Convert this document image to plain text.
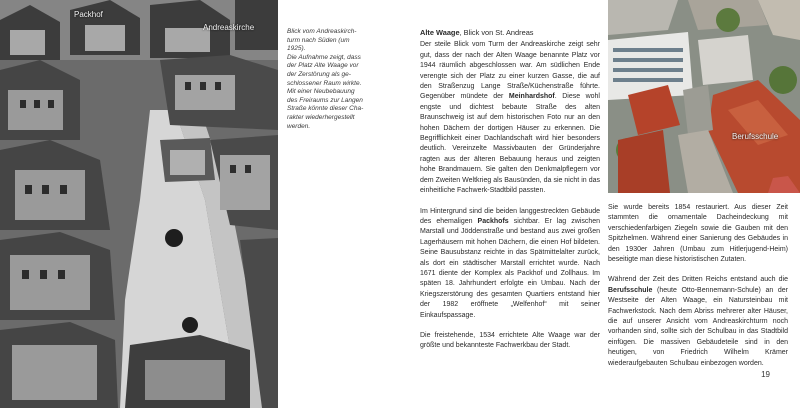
Packhof
Andreaskirche	Blick vom Andreaskirch-

turm nach Süden (um

1925).

Die Aufnahme zeigt, dass

der Platz Alte Waage vor

der Zerstörung als ge-

schlossener Raum wirkte.

Mit einer Neubebauung

des Freiraums zur Langen

Straße könnte dieser Cha-

rakter wiederhergestellt

werden.

Alte Waage, Blick von St. Andreas

Der steile Blick vom Turm der Andreaskirche zeigt sehr gut, dass der nach der Alten Waage benannte Platz vor 1944 räumlich abgeschlossen war. Am südlichen Ende verengte sich der Platz zu einer kurzen Gasse, die auf den Straßenzug Lange Straße/Küchenstraße führte. Gegenüber mündete der Meinhardshof. Diese wohl engste und dichtest bebaute Straße des alten Braunschweig ist auf dem historischen Foto nur an den hohen Dächern der dortigen Häuser zu erkennen. Die Begrifflichkeit einer Dachlandschaft wird hier besonders deutlich. Vereinzelte Massivbauten der Gründerjahre ragten aus der älteren Bebauung heraus und zeigten hohe Brandmauern. Sie galten den Denkmalpflegern vor dem Zweiten Weltkrieg als Bausünden, da sie nicht in das einheitliche Fachwerk-Stadtbild passten.

Im Hintergrund sind die beiden langgestreckten Gebäude des ehemaligen Packhofs sichtbar. Er lag zwischen Marstall und Jöddenstraße und bestand aus zwei großen Lagerhäusern mit hohen Dächern, die einen Hof bildeten. Seine Bausubstanz reichte in das Spätmittelalter zurück, als dort ein städtischer Marstall errichtet wurde. Nach 1671 diente der Komplex als Packhof und Zollhaus. Im späten 18. Jahrhundert erfolgte ein Umbau. Nach der Kriegszerstörung des gesamten Quartiers entstand hier der 1982 eröffnete „Welfenhof“ mit seiner Einkaufspassage.

Die freistehende, 1534 errichtete Alte Waage war der größte und bekannteste Fachwerkbau der Stadt.

Berufsschule

Sie wurde bereits 1854 restauriert. Aus dieser Zeit stammten die ornamentale Dacheindeckung mit verschiedenfarbigen Ziegeln sowie die Gauben mit den Spitzhelmen. Während einer Sanierung des Gebäudes in den 1930er Jahren (Umbau zum Hitlerjugend-Heim) beseitigte man diese historistischen Zutaten.

Während der Zeit des Dritten Reichs entstand auch die Berufsschule (heute Otto-Bennemann-Schule) an der Westseite der Alten Waage, ein Natursteinbau mit Fachwerkstock. Nach dem Abriss mehrerer alter Häuser, die auf unserer Ansicht vom Andreaskirchturm noch vorhanden sind, sollte sich der Schulbau in das Stadtbild einfügen. Die massiven Gebäudeteile sind in den heutigen, von Friedrich Wilhelm Krämer wiederaufgebauten Schulbau einbezogen worden.

19
